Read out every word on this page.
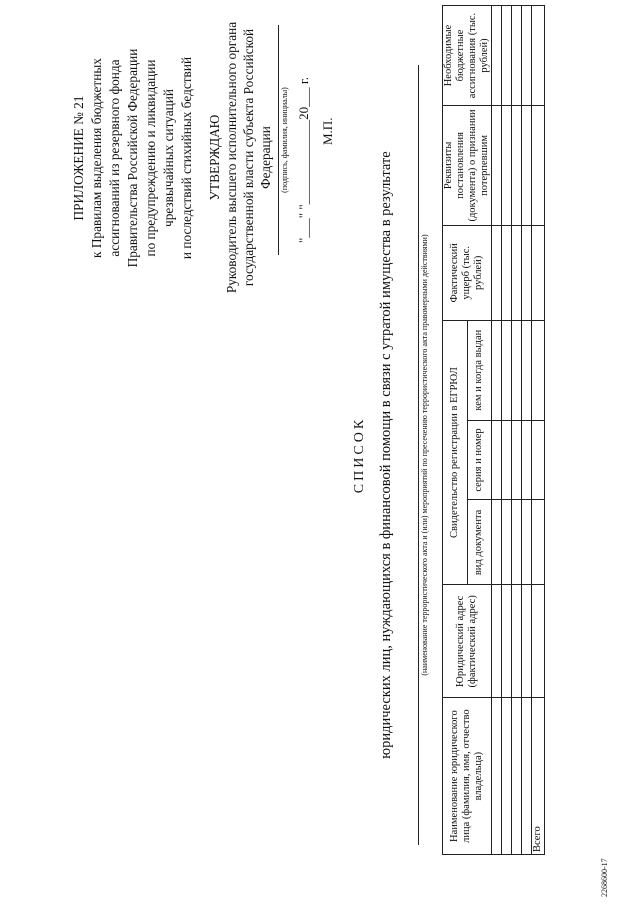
ПРИЛОЖЕНИЕ № 21 к Правилам выделения бюджетных ассигнований из резервного фонда Правительства Российской Федерации по предупреждению и ликвидации чрезвычайных ситуаций и последствий стихийных бедствий УТВЕРЖДАЮ Руководитель высшего исполнительного органа государственной власти субъекта Российской Федерации (подпись, фамилия, инициалы) "___" "_____________20___ г. М.П.
СПИСОК юридических лиц, нуждающихся в финансовой помощи в связи с утратой имущества в результате	(наименование террористического акта и (или) мероприятий по пресечению террористического акта правомерными действиями)
Наименование юридического лица (фамилия, имя, отчество владельца)	Юридический адрес (фактический адрес)	Свидетельство регистрации в ЕГРЮЛ			Фактический ущерб (тыс. рублей)	Реквизиты постановления (документа) о признании потерпевшим	Необходимые бюджетные ассигнования (тыс. рублей)
		вид документа	серия и номер	кем и когда выдан			

Всего							
2268600-17
